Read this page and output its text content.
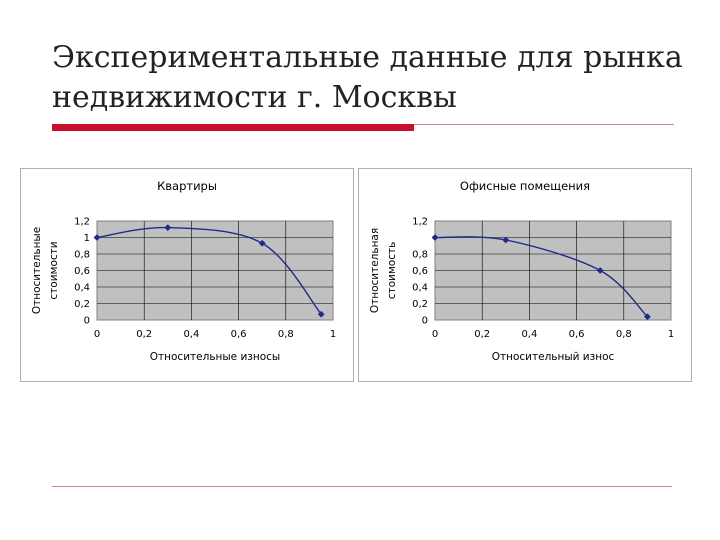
Экспериментальные данные для рынка недвижимости г. Москвы
Квартиры
0
0,2
0,4
0,6
0,8
1
1,2
0	0,2	0,4	0,6	0,8	1
Относительные износы
Относительные стоимости
Офисные помещения
0
0,2
0,4
0,6
0,8
1,2
0	0,2	0,4	0,6	0,8	1
Относительный износ
Относительная стоимость
